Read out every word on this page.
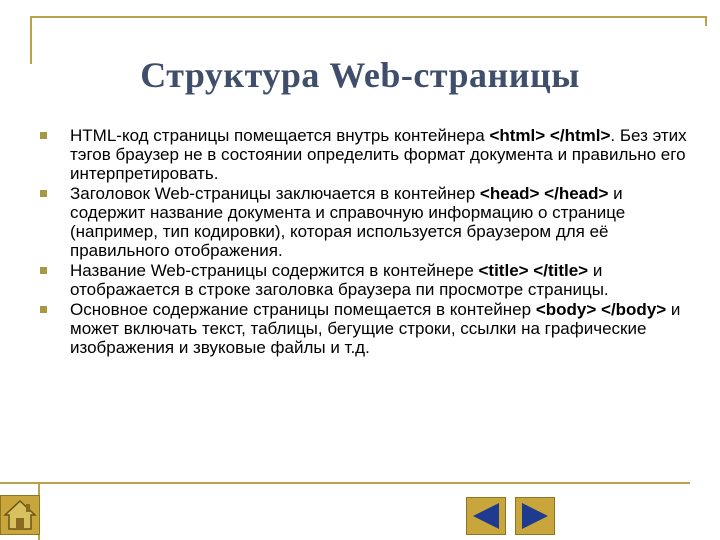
Структура Web-страницы
HTML-код страницы помещается внутрь контейнера <html> </html>. Без этих тэгов браузер не в состоянии определить формат документа и правильно его интерпретировать.
Заголовок Web-страницы заключается в контейнер <head> </head> и содержит название документа и справочную информацию о странице (например, тип кодировки), которая используется браузером для её правильного отображения.
Название Web-страницы содержится в контейнере <title> </title> и отображается в строке заголовка браузера пи просмотре страницы.
Основное содержание страницы помещается в контейнер <body> </body> и может включать текст, таблицы, бегущие строки, ссылки на графические изображения и звуковые файлы и т.д.
